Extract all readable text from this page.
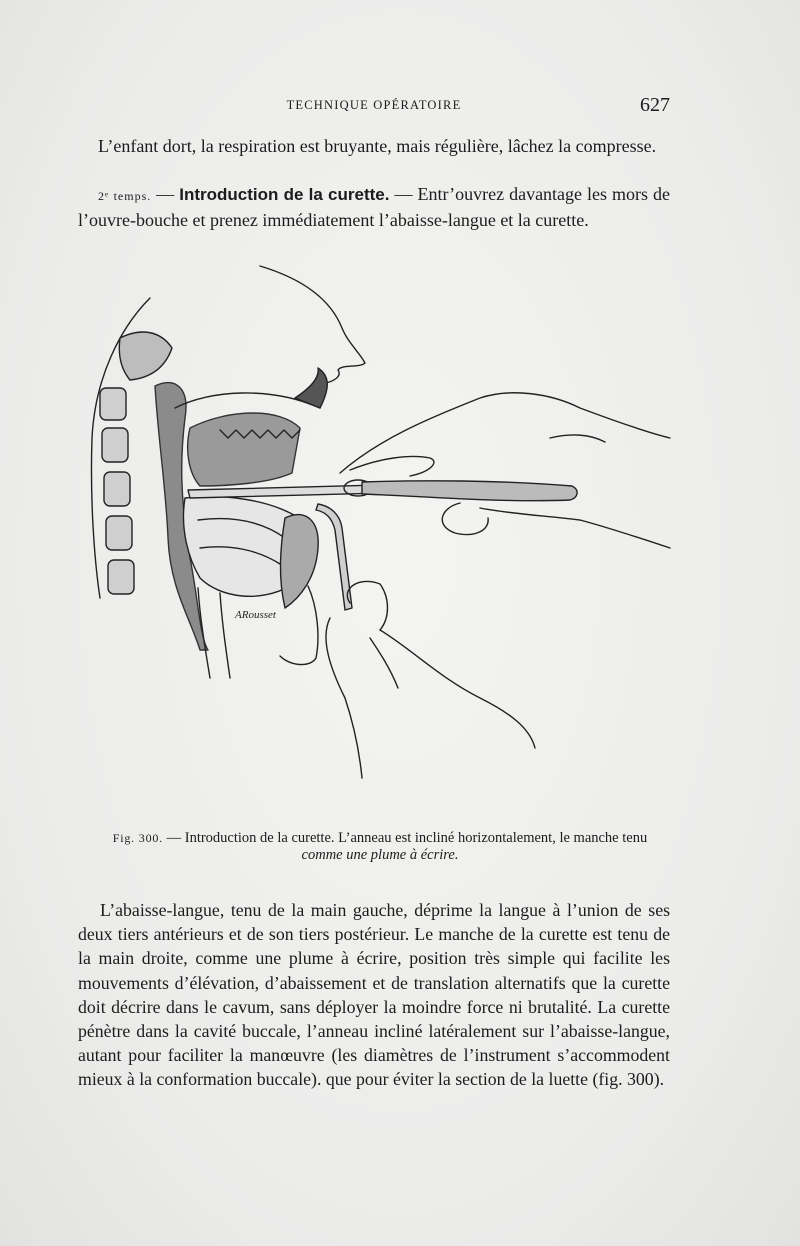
TECHNIQUE OPÉRATOIRE	627

L’enfant dort, la respiration est bruyante, mais régulière, lâchez la compresse.

2ᵉ temps. — Introduction de la curette. — Entr’ouvrez davantage les mors de l’ouvre-bouche et prenez immédiatement l’abaisse-langue et la curette.

ARousset
Fig. 300. — Introduction de la curette. L’anneau est incliné horizontalement, le manche tenu comme une plume à écrire.

L’abaisse-langue, tenu de la main gauche, déprime la langue à l’union de ses deux tiers antérieurs et de son tiers postérieur. Le manche de la curette est tenu de la main droite, comme une plume à écrire, position très simple qui facilite les mouvements d’élévation, d’abaissement et de translation alternatifs que la curette doit décrire dans le cavum, sans déployer la moindre force ni brutalité. La curette pénètre dans la cavité buccale, l’anneau incliné latéralement sur l’abaisse-langue, autant pour faciliter la manœuvre (les diamètres de l’instrument s’accommodent mieux à la conformation buccale). que pour éviter la section de la luette (fig. 300).
